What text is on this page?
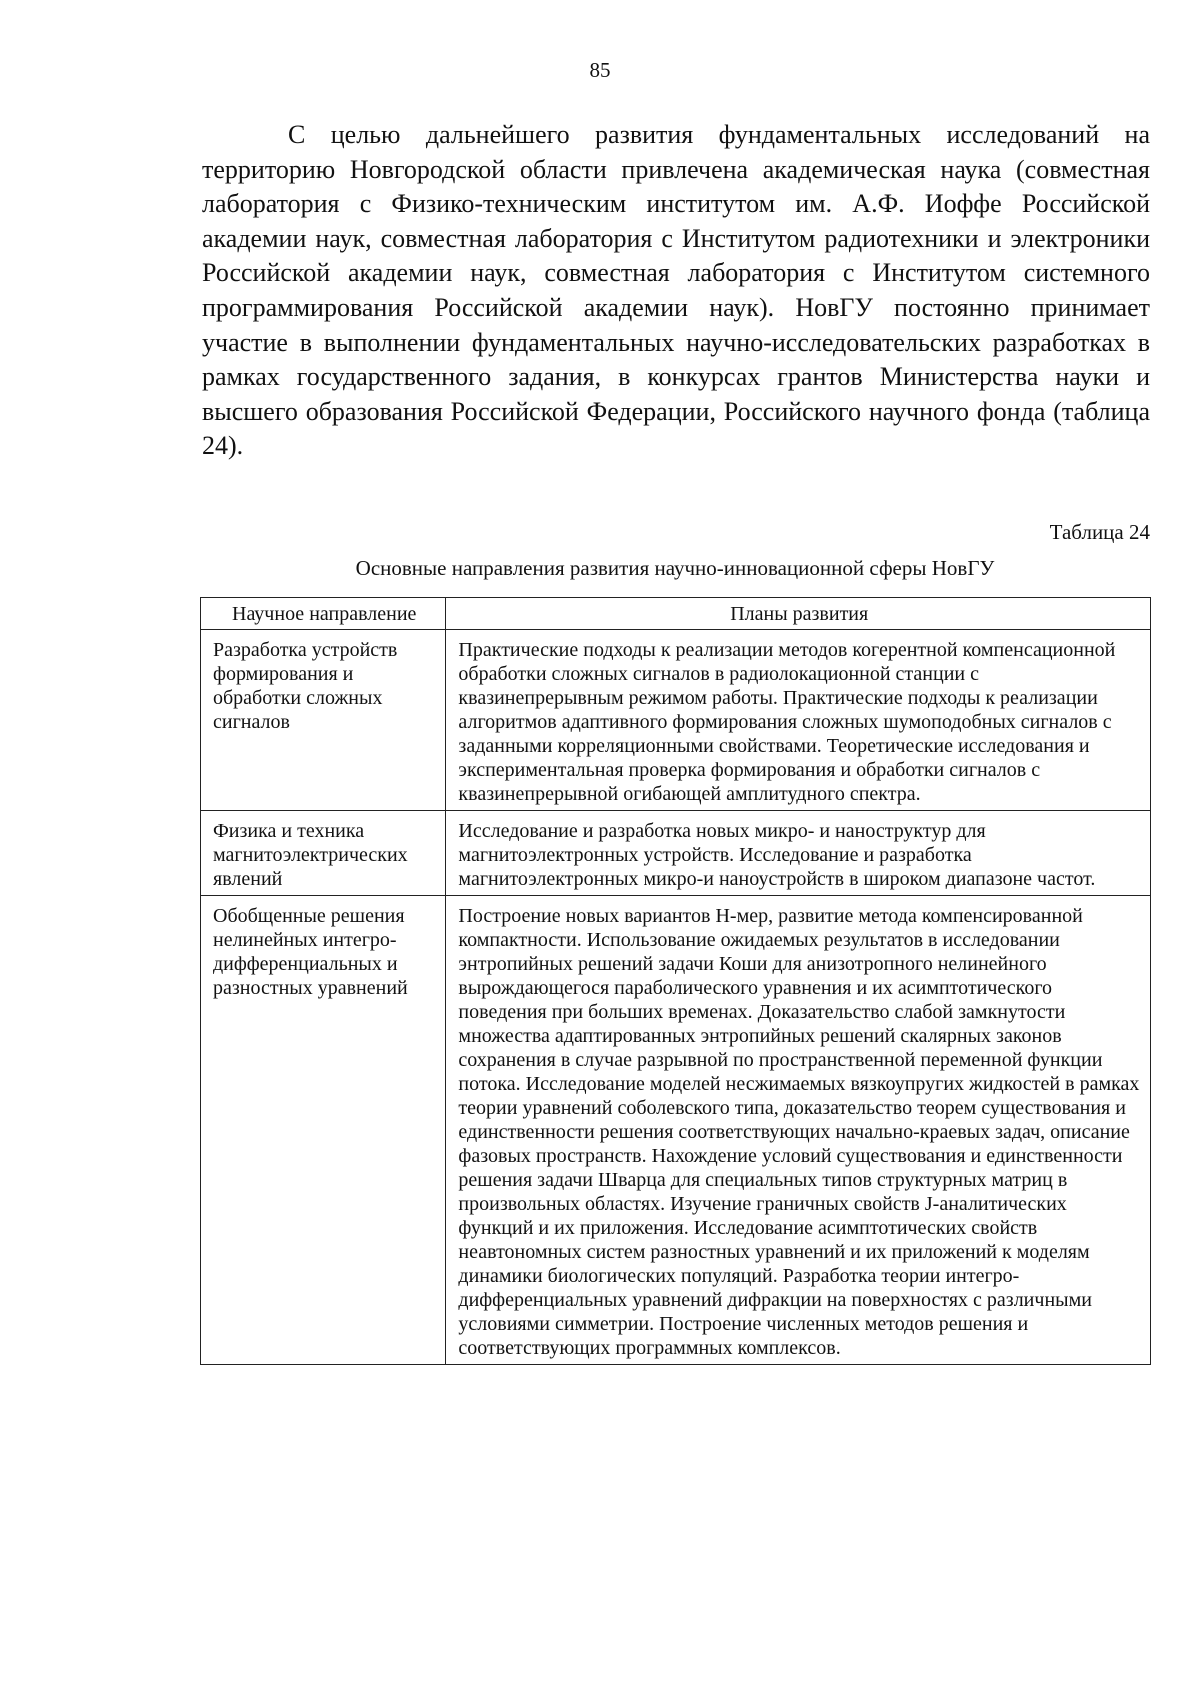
85

С целью дальнейшего развития фундаментальных исследований на территорию Новгородской области привлечена академическая наука (совместная лаборатория с Физико-техническим институтом им. А.Ф. Иоффе Российской академии наук, совместная лаборатория с Институтом радиотехники и электроники Российской академии наук, совместная лаборатория с Институтом системного программирования Российской академии наук). НовГУ постоянно принимает участие в выполнении фундаментальных научно-исследовательских разработках в рамках государственного задания, в конкурсах грантов Министерства науки и высшего образования Российской Федерации, Российского научного фонда (таблица 24).

Таблица 24
Основные направления развития научно-инновационной сферы НовГУ
Научное направление	Планы развития
Разработка устройств формирования и обработки сложных сигналов	Практические подходы к реализации методов когерентной компенсационной обработки сложных сигналов в радиолокационной станции с квазинепрерывным режимом работы. Практические подходы к реализации алгоритмов адаптивного формирования сложных шумоподобных сигналов с заданными корреляционными свойствами. Теоретические исследования и экспериментальная проверка формирования и обработки сигналов с квазинепрерывной огибающей амплитудного спектра.
Физика и техника магнитоэлектрических явлений	Исследование и разработка новых микро- и наноструктур для магнитоэлектронных устройств. Исследование и разработка магнитоэлектронных микро-и наноустройств в широком диапазоне частот.
Обобщенные решения нелинейных интегро-дифференциальных и разностных уравнений	Построение новых вариантов H-мер, развитие метода компенсированной компактности. Использование ожидаемых результатов в исследовании энтропийных решений задачи Коши для анизотропного нелинейного вырождающегося параболического уравнения и их асимптотического поведения при больших временах. Доказательство слабой замкнутости множества адаптированных энтропийных решений скалярных законов сохранения в случае разрывной по пространственной переменной функции потока. Исследование моделей несжимаемых вязкоупругих жидкостей в рамках теории уравнений соболевского типа, доказательство теорем существования и единственности решения соответствующих начально-краевых задач, описание фазовых пространств. Нахождение условий существования и единственности решения задачи Шварца для специальных типов структурных матриц в произвольных областях. Изучение граничных свойств J-аналитических функций и их приложения. Исследование асимптотических свойств неавтономных систем разностных уравнений и их приложений к моделям динамики биологических популяций. Разработка теории интегро-дифференциальных уравнений дифракции на поверхностях с различными условиями симметрии. Построение численных методов решения и соответствующих программных комплексов.
